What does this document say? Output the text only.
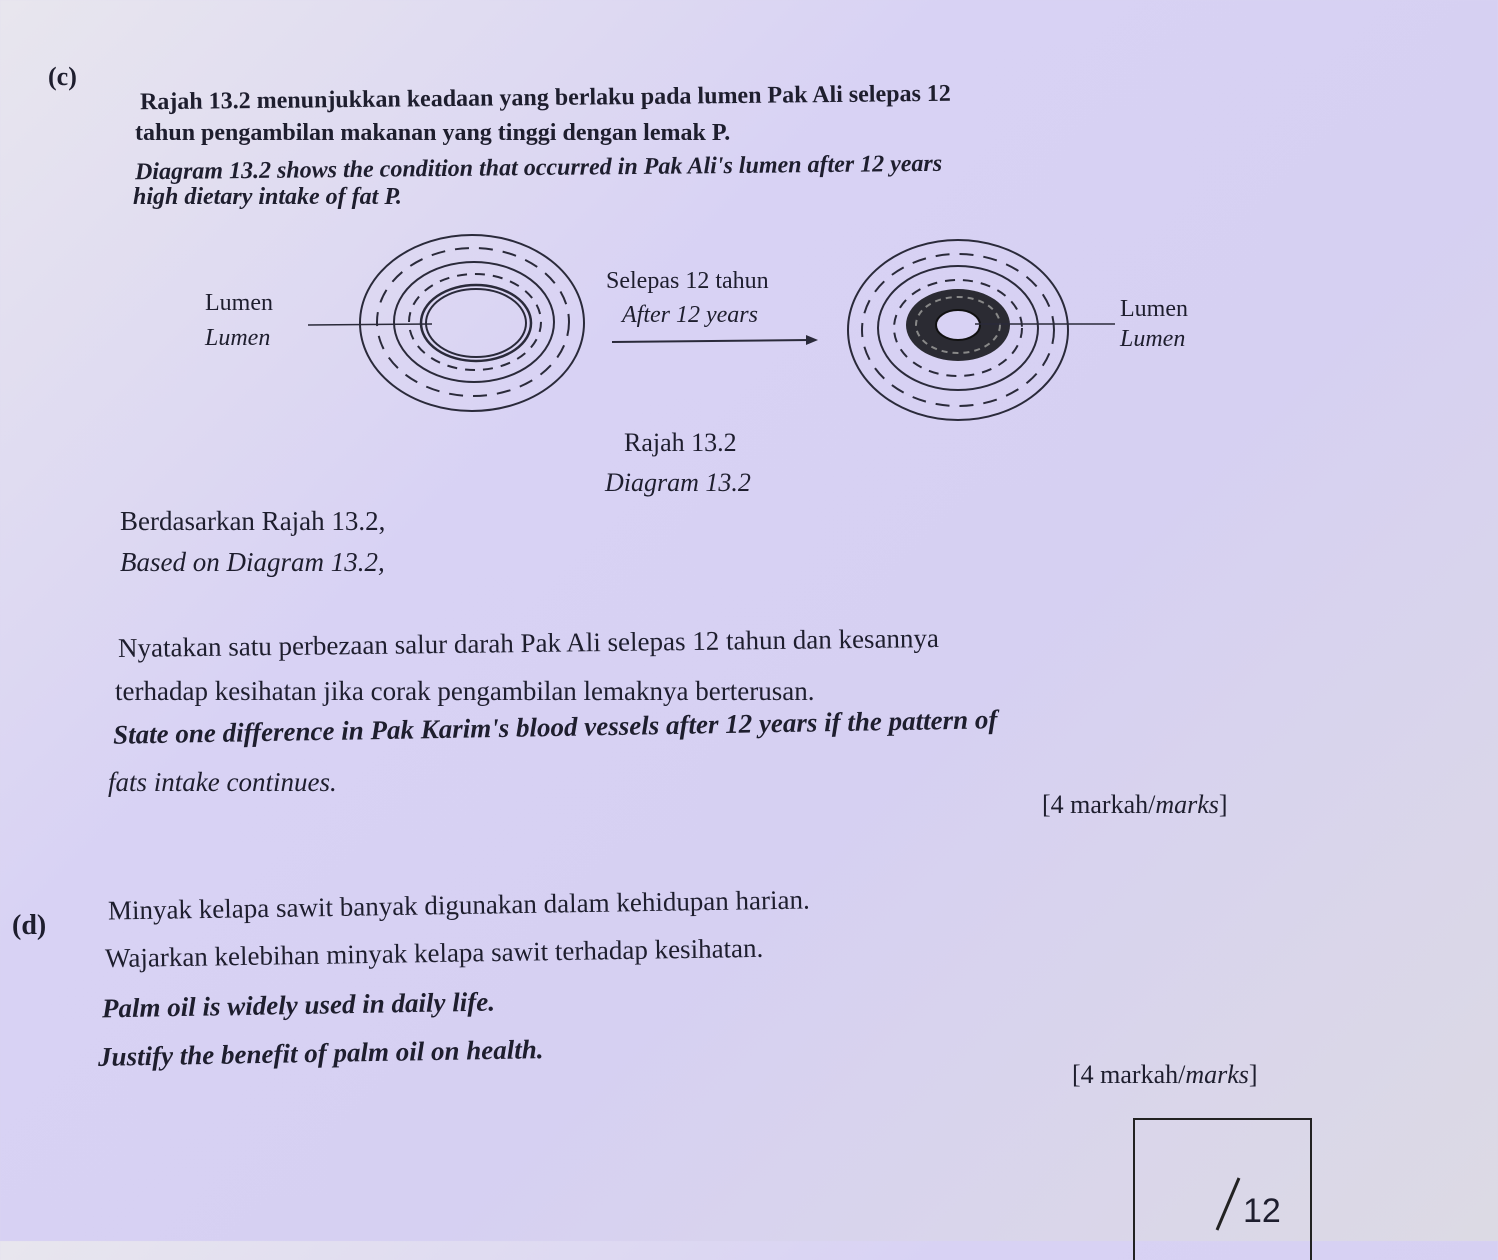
(c)
Rajah 13.2 menunjukkan keadaan yang berlaku pada lumen Pak Ali selepas 12
tahun pengambilan makanan yang tinggi dengan lemak P.
Diagram 13.2 shows the condition that occurred in Pak Ali's lumen after 12 years
high dietary intake of fat P.
Lumen
Lumen
Selepas 12 tahun
After 12 years	Lumen
Lumen
Rajah 13.2
Diagram 13.2
Berdasarkan Rajah 13.2,
Based on Diagram 13.2,
Nyatakan satu perbezaan salur darah Pak Ali selepas 12 tahun dan kesannya
terhadap kesihatan jika corak pengambilan lemaknya berterusan.
State one difference in Pak Karim's blood vessels after 12 years if the pattern of
fats intake continues.
[4 markah/marks]
(d) Minyak kelapa sawit banyak digunakan dalam kehidupan harian.
Wajarkan kelebihan minyak kelapa sawit terhadap kesihatan.
Palm oil is widely used in daily life.
Justify the benefit of palm oil on health.
[4 markah/marks]
12
